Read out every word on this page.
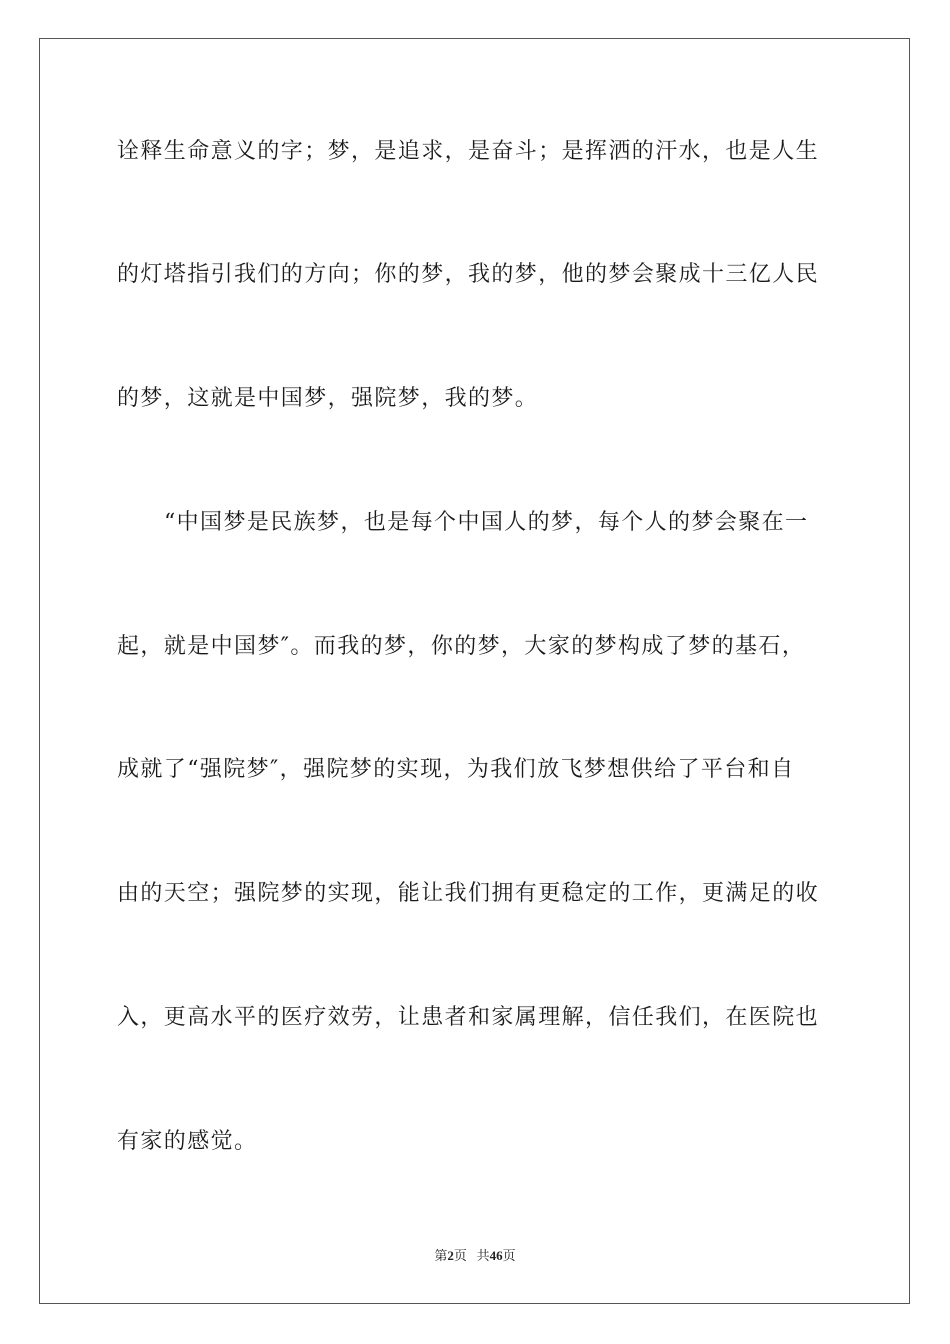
诠释生命意义的字；梦，是追求，是奋斗；是挥洒的汗水，也是人生

的灯塔指引我们的方向；你的梦，我的梦，他的梦会聚成十三亿人民

的梦，这就是中国梦，强院梦，我的梦。

“中国梦是民族梦，也是每个中国人的梦，每个人的梦会聚在一

起，就是中国梦″。而我的梦，你的梦，大家的梦构成了梦的基石，

成就了“强院梦″，强院梦的实现，为我们放飞梦想供给了平台和自

由的天空；强院梦的实现，能让我们拥有更稳定的工作，更满足的收

入，更高水平的医疗效劳，让患者和家属理解，信任我们，在医院也

有家的感觉。

第2页 共46页
